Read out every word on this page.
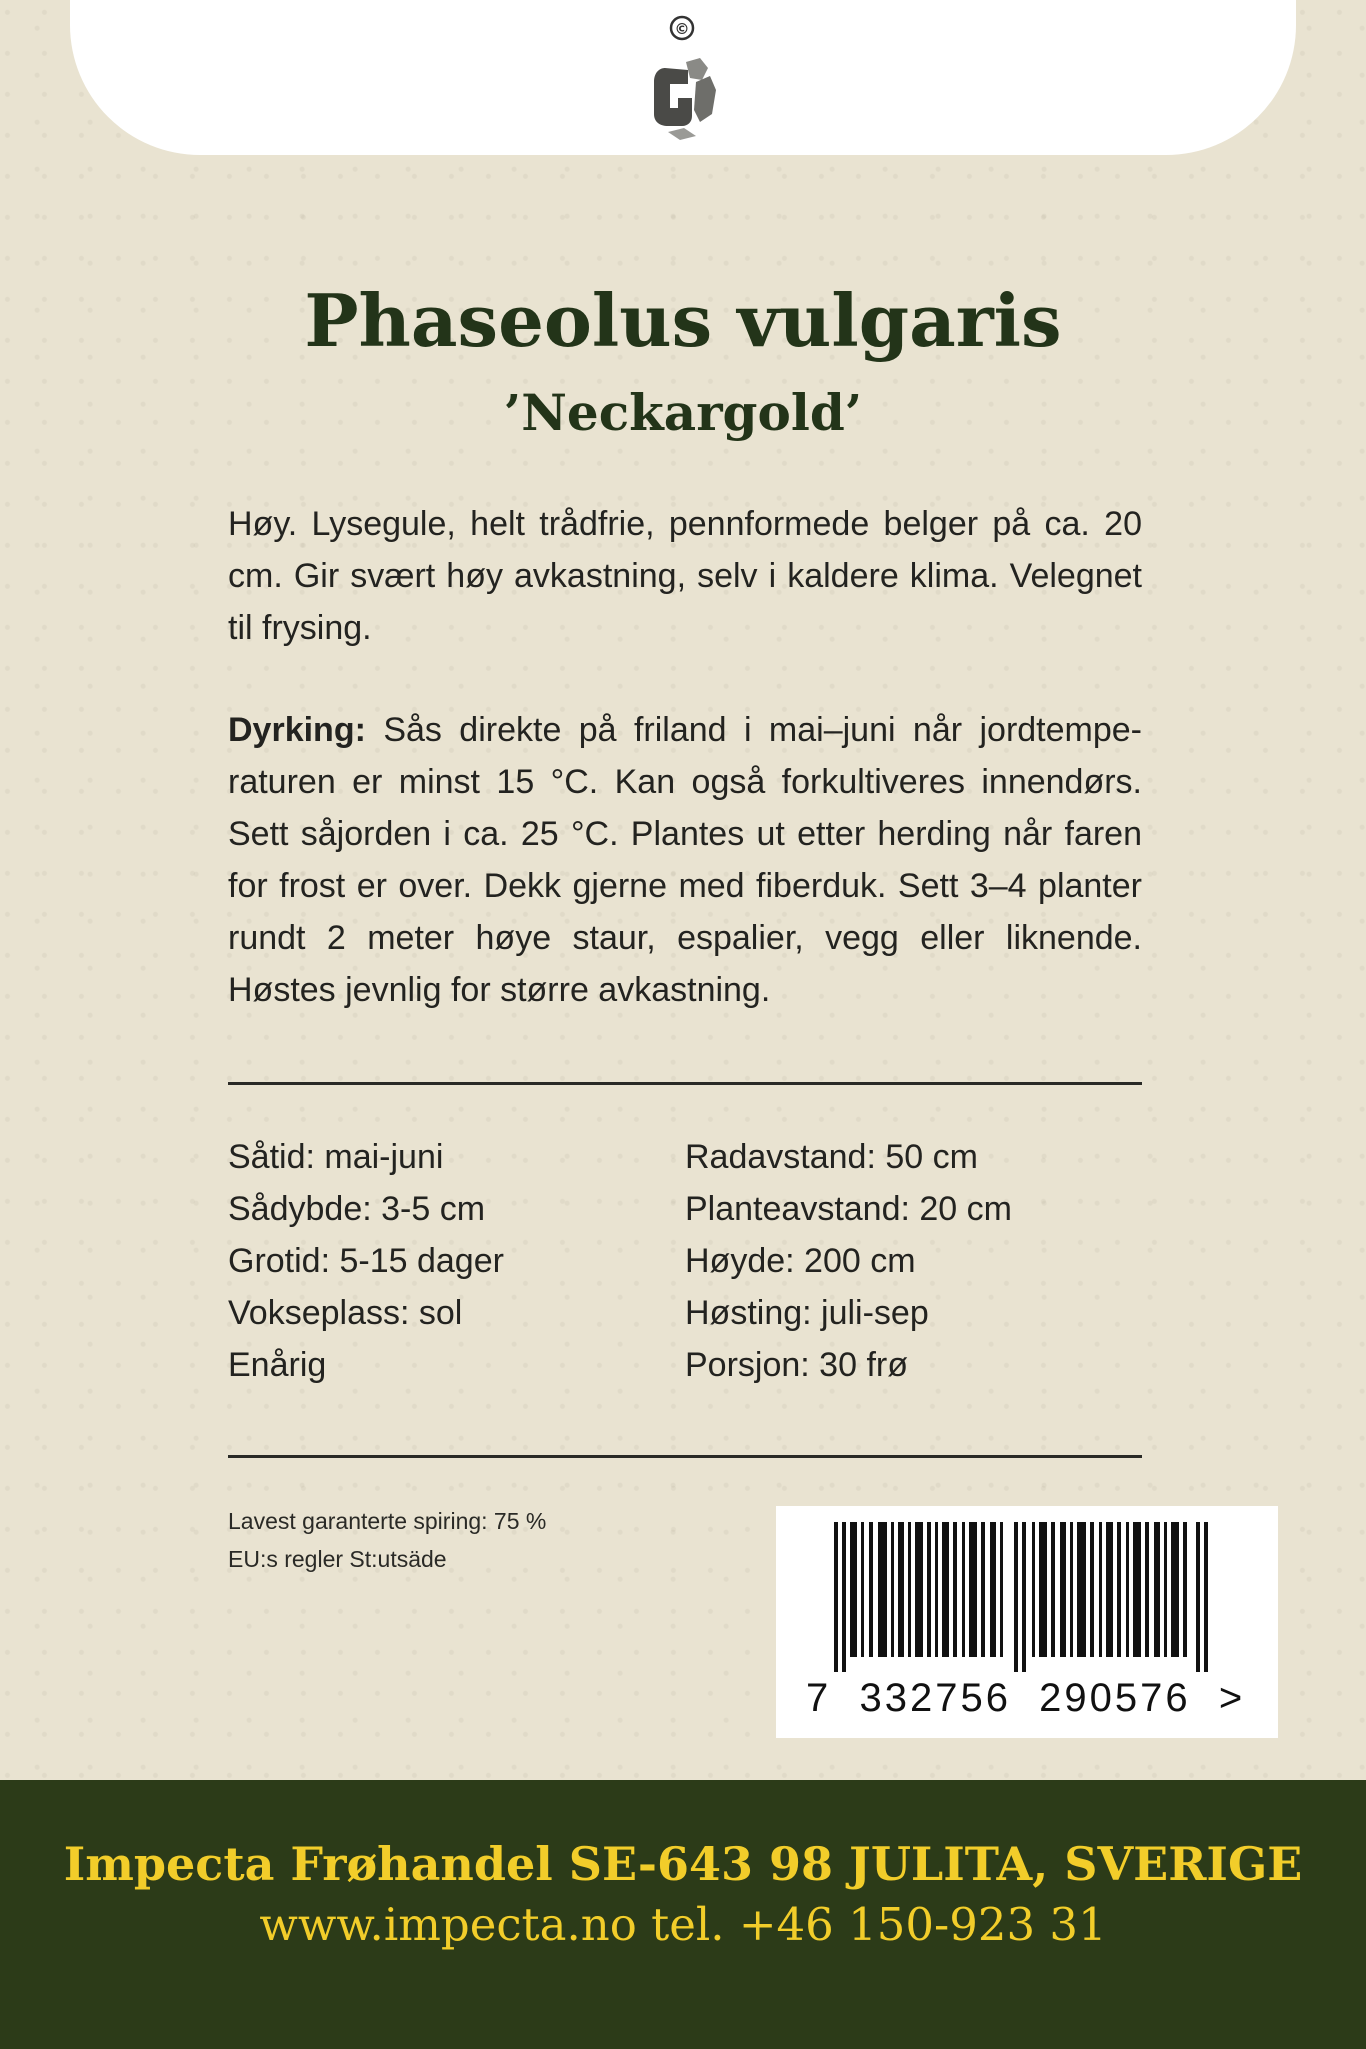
©
Phaseolus vulgaris
’Neckargold’

Høy. Lysegule, helt trådfrie, pennformede belger på ca. 20 cm. Gir svært høy avkastning, selv i kaldere klima. Velegnet til frysing.

Dyrking: Sås direkte på friland i mai–juni når jordtemperaturen er minst 15 °C. Kan også forkultiveres innendørs. Sett såjorden i ca. 25 °C. Plantes ut etter herding når faren for frost er over. Dekk gjerne med fiberduk. Sett 3–4 planter rundt 2 meter høye staur, espalier, vegg eller liknende. Høstes jevnlig for større avkastning.

Såtid: mai-juni
Sådybde: 3-5 cm
Grotid: 5-15 dager
Vokseplass: sol
Enårig
Radavstand: 50 cm
Planteavstand: 20 cm
Høyde: 200 cm
Høsting: juli-sep
Porsjon: 30 frø

Lavest garanterte spiring: 75 %
EU:s regler St:utsäde

7  332756  290576  >

Impecta Frøhandel SE-643 98 JULITA, SVERIGE

www.impecta.no tel. +46 150-923 31
